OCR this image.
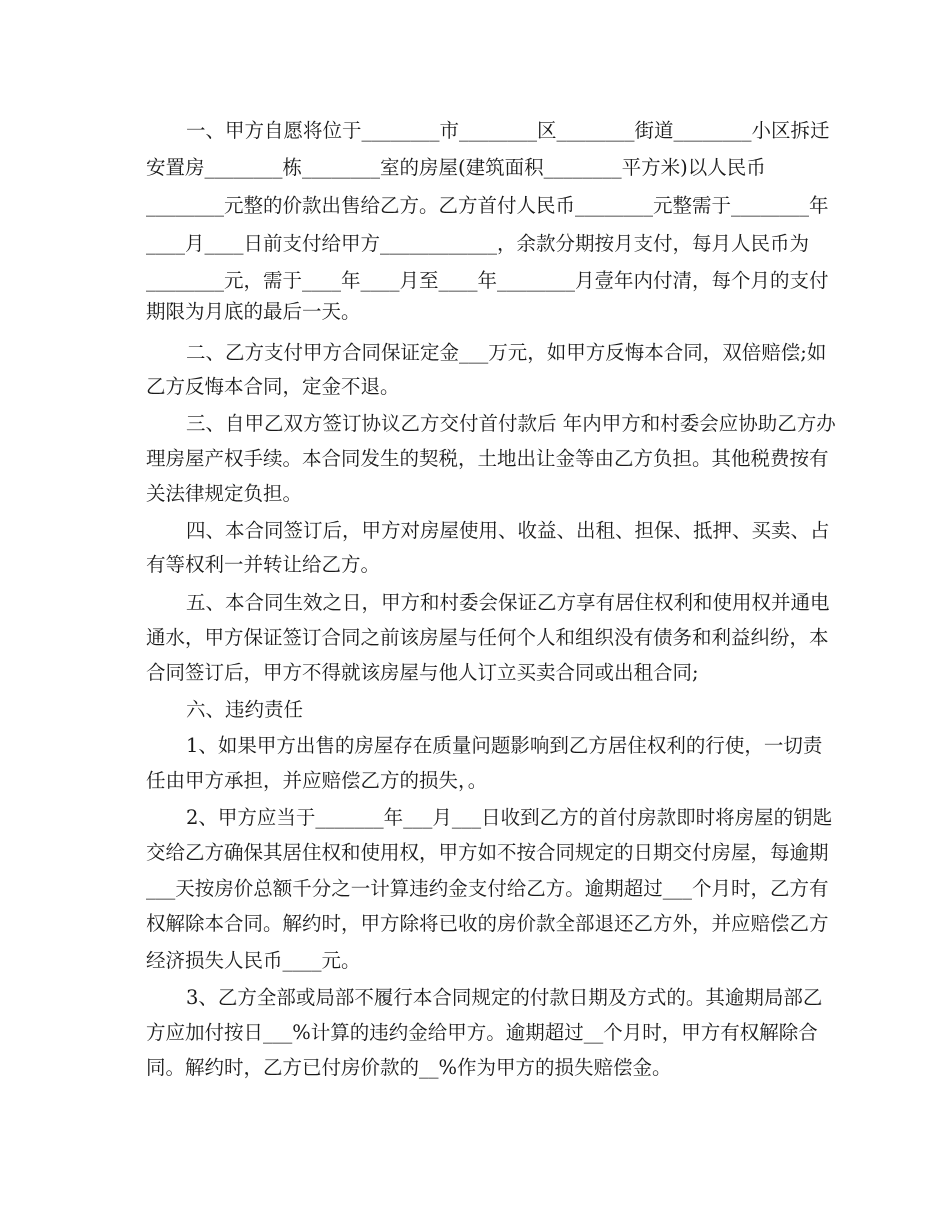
一、甲方自愿将位于________市________区________街道________小区拆迁

安置房________栋________室的房屋(建筑面积________平方米)以人民币

________元整的价款出售给乙方。乙方首付人民币________元整需于________年

____月____日前支付给甲方____________，余款分期按月支付，每月人民币为

________元，需于____年____月至____年________月壹年内付清，每个月的支付

期限为月底的最后一天。

二、乙方支付甲方合同保证定金___万元，如甲方反悔本合同，双倍赔偿;如

乙方反悔本合同，定金不退。

三、自甲乙双方签订协议乙方交付首付款后 年内甲方和村委会应协助乙方办

理房屋产权手续。本合同发生的契税，土地出让金等由乙方负担。其他税费按有

关法律规定负担。

四、本合同签订后，甲方对房屋使用、收益、出租、担保、抵押、买卖、占

有等权利一并转让给乙方。

五、本合同生效之日，甲方和村委会保证乙方享有居住权利和使用权并通电

通水，甲方保证签订合同之前该房屋与任何个人和组织没有债务和利益纠纷，本

合同签订后，甲方不得就该房屋与他人订立买卖合同或出租合同;

六、违约责任

1、如果甲方出售的房屋存在质量问题影响到乙方居住权利的行使，一切责

任由甲方承担，并应赔偿乙方的损失，。

2、甲方应当于_______年___月___日收到乙方的首付房款即时将房屋的钥匙

交给乙方确保其居住权和使用权，甲方如不按合同规定的日期交付房屋，每逾期

___天按房价总额千分之一计算违约金支付给乙方。逾期超过___个月时，乙方有

权解除本合同。解约时，甲方除将已收的房价款全部退还乙方外，并应赔偿乙方

经济损失人民币____元。

3、乙方全部或局部不履行本合同规定的付款日期及方式的。其逾期局部乙

方应加付按日___%计算的违约金给甲方。逾期超过__个月时，甲方有权解除合

同。解约时，乙方已付房价款的__%作为甲方的损失赔偿金。
